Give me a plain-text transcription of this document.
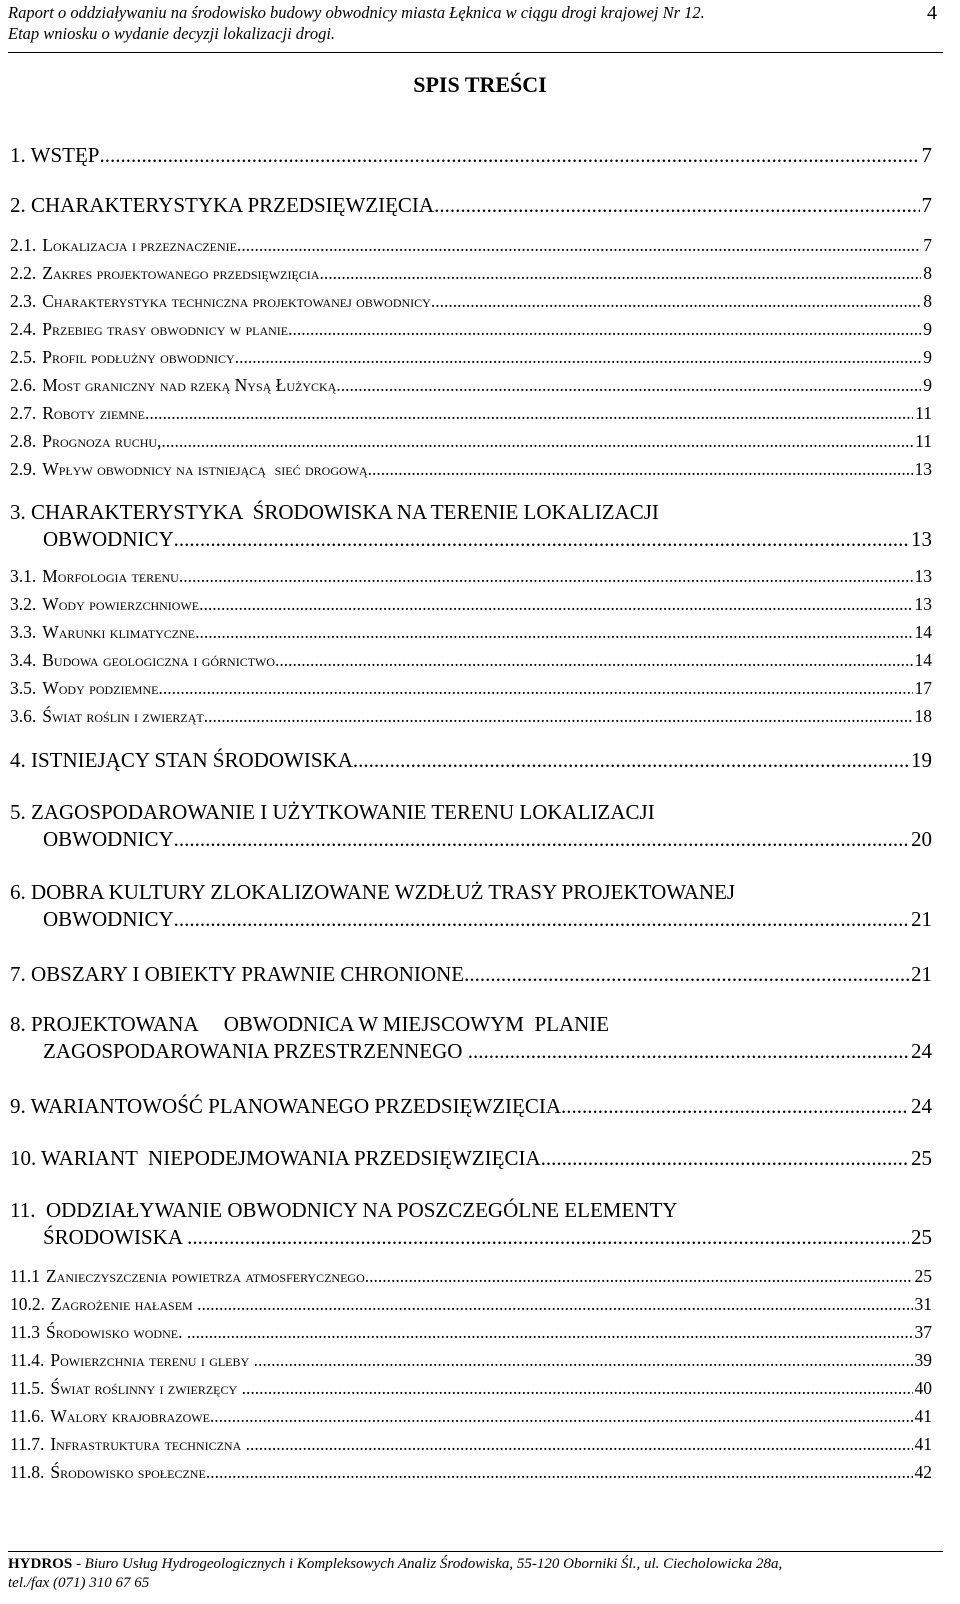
Raport o oddziaływaniu na środowisko budowy obwodnicy miasta Łęknica w ciągu drogi krajowej Nr 12.
Etap wniosku o wydanie decyzji lokalizacji drogi.
4
SPIS TREŚCI
1. WSTĘP .....	7
2. CHARAKTERYSTYKA PRZEDSIĘWZIĘCIA .....	7
2.1. Lokalizacja i przeznaczenie .....	7
2.2. Zakres projektowanego przedsięwzięcia .....	8
2.3. Charakterystyka techniczna projektowanej obwodnicy .....	8
2.4. Przebieg trasy obwodnicy w planie .....	9
2.5. Profil podłużny obwodnicy .....	9
2.6. Most graniczny nad rzeką Nysą Łużycką .....	9
2.7. Roboty ziemne .....	11
2.8. Prognoza ruchu, .....	11
2.9. Wpływ obwodnicy na istniejącą  sieć drogową .....	13
3. CHARAKTERYSTYKA  ŚRODOWISKA NA TERENIE LOKALIZACJI
OBWODNICY .....	13
3.1. Morfologia terenu. .....	13
3.2. Wody powierzchniowe .....	13
3.3. Warunki klimatyczne .....	14
3.4. Budowa geologiczna i górnictwo .....	14
3.5. Wody podziemne .....	17
3.6. Świat roślin i zwierząt .....	18
4. ISTNIEJĄCY STAN ŚRODOWISKA .....	19
5. ZAGOSPODAROWANIE I UŻYTKOWANIE TERENU LOKALIZACJI
OBWODNICY .....	20
6. DOBRA KULTURY ZLOKALIZOWANE WZDŁUŻ TRASY PROJEKTOWANEJ
OBWODNICY .....	21
7. OBSZARY I OBIEKTY PRAWNIE CHRONIONE .....	21
8. PROJEKTOWANA     OBWODNICA W MIEJSCOWYM  PLANIE
ZAGOSPODAROWANIA PRZESTRZENNEGO .....	24
9. WARIANTOWOŚĆ PLANOWANEGO PRZEDSIĘWZIĘCIA .....	24
10. WARIANT  NIEPODEJMOWANIA PRZEDSIĘWZIĘCIA .....	25
11.  ODDZIAŁYWANIE OBWODNICY NA POSZCZEGÓLNE ELEMENTY
ŚRODOWISKA .....	25
11.1 Zanieczyszczenia powietrza atmosferycznego. .....	25
10.2. Zagrożenie hałasem .....	31
11.3 Środowisko wodne. .....	37
11.4. Powierzchnia terenu i gleby .....	39
11.5. Świat roślinny i zwierzęcy .....	40
11.6. Walory krajobrazowe .....	41
11.7. Infrastruktura techniczna .....	41
11.8. Środowisko społeczne .....	42
HYDROS - Biuro Usług Hydrogeologicznych i Kompleksowych Analiz Środowiska, 55-120 Oborniki Śl., ul. Ciecholowicka 28a,
tel./fax (071) 310 67 65
